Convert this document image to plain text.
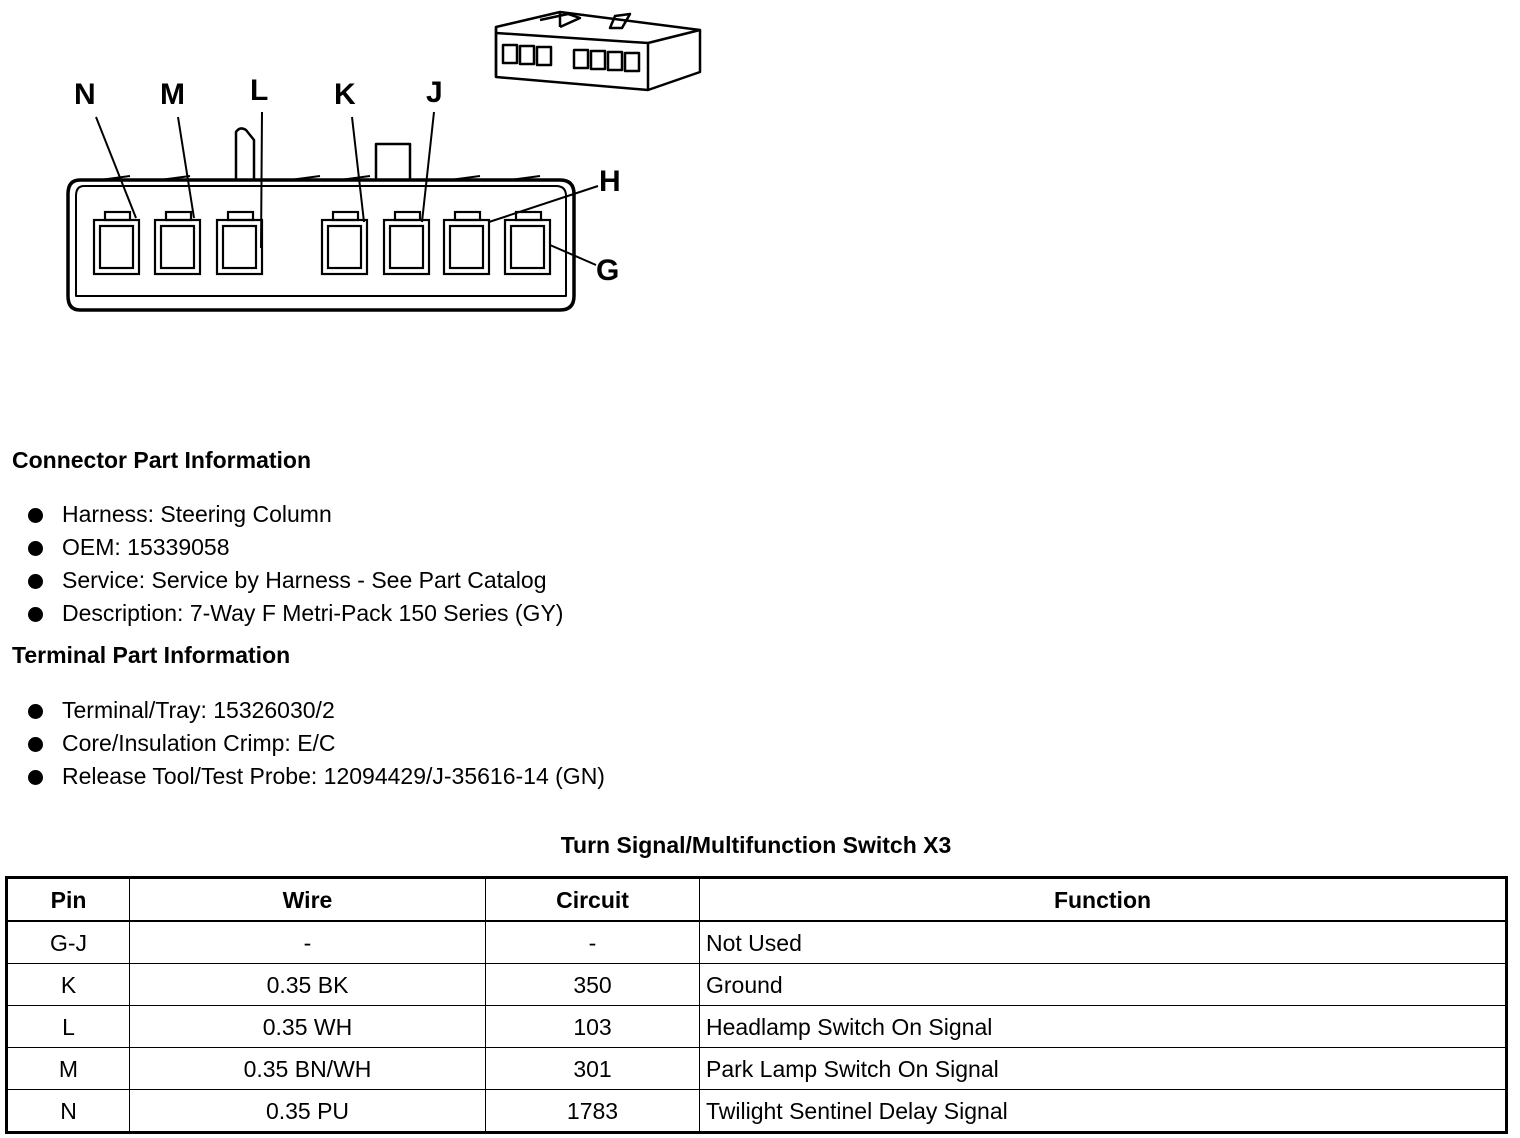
N M L K J
H
G
Connector Part Information
Harness: Steering Column
OEM: 15339058
Service: Service by Harness - See Part Catalog
Description: 7-Way F Metri-Pack 150 Series (GY)
Terminal Part Information
Terminal/Tray: 15326030/2
Core/Insulation Crimp: E/C
Release Tool/Test Probe: 12094429/J-35616-14 (GN)
Turn Signal/Multifunction Switch X3
Pin	Wire	Circuit	Function
G-J	-	-	Not Used
K	0.35 BK	350	Ground
L	0.35 WH	103	Headlamp Switch On Signal
M	0.35 BN/WH	301	Park Lamp Switch On Signal
N	0.35 PU	1783	Twilight Sentinel Delay Signal
